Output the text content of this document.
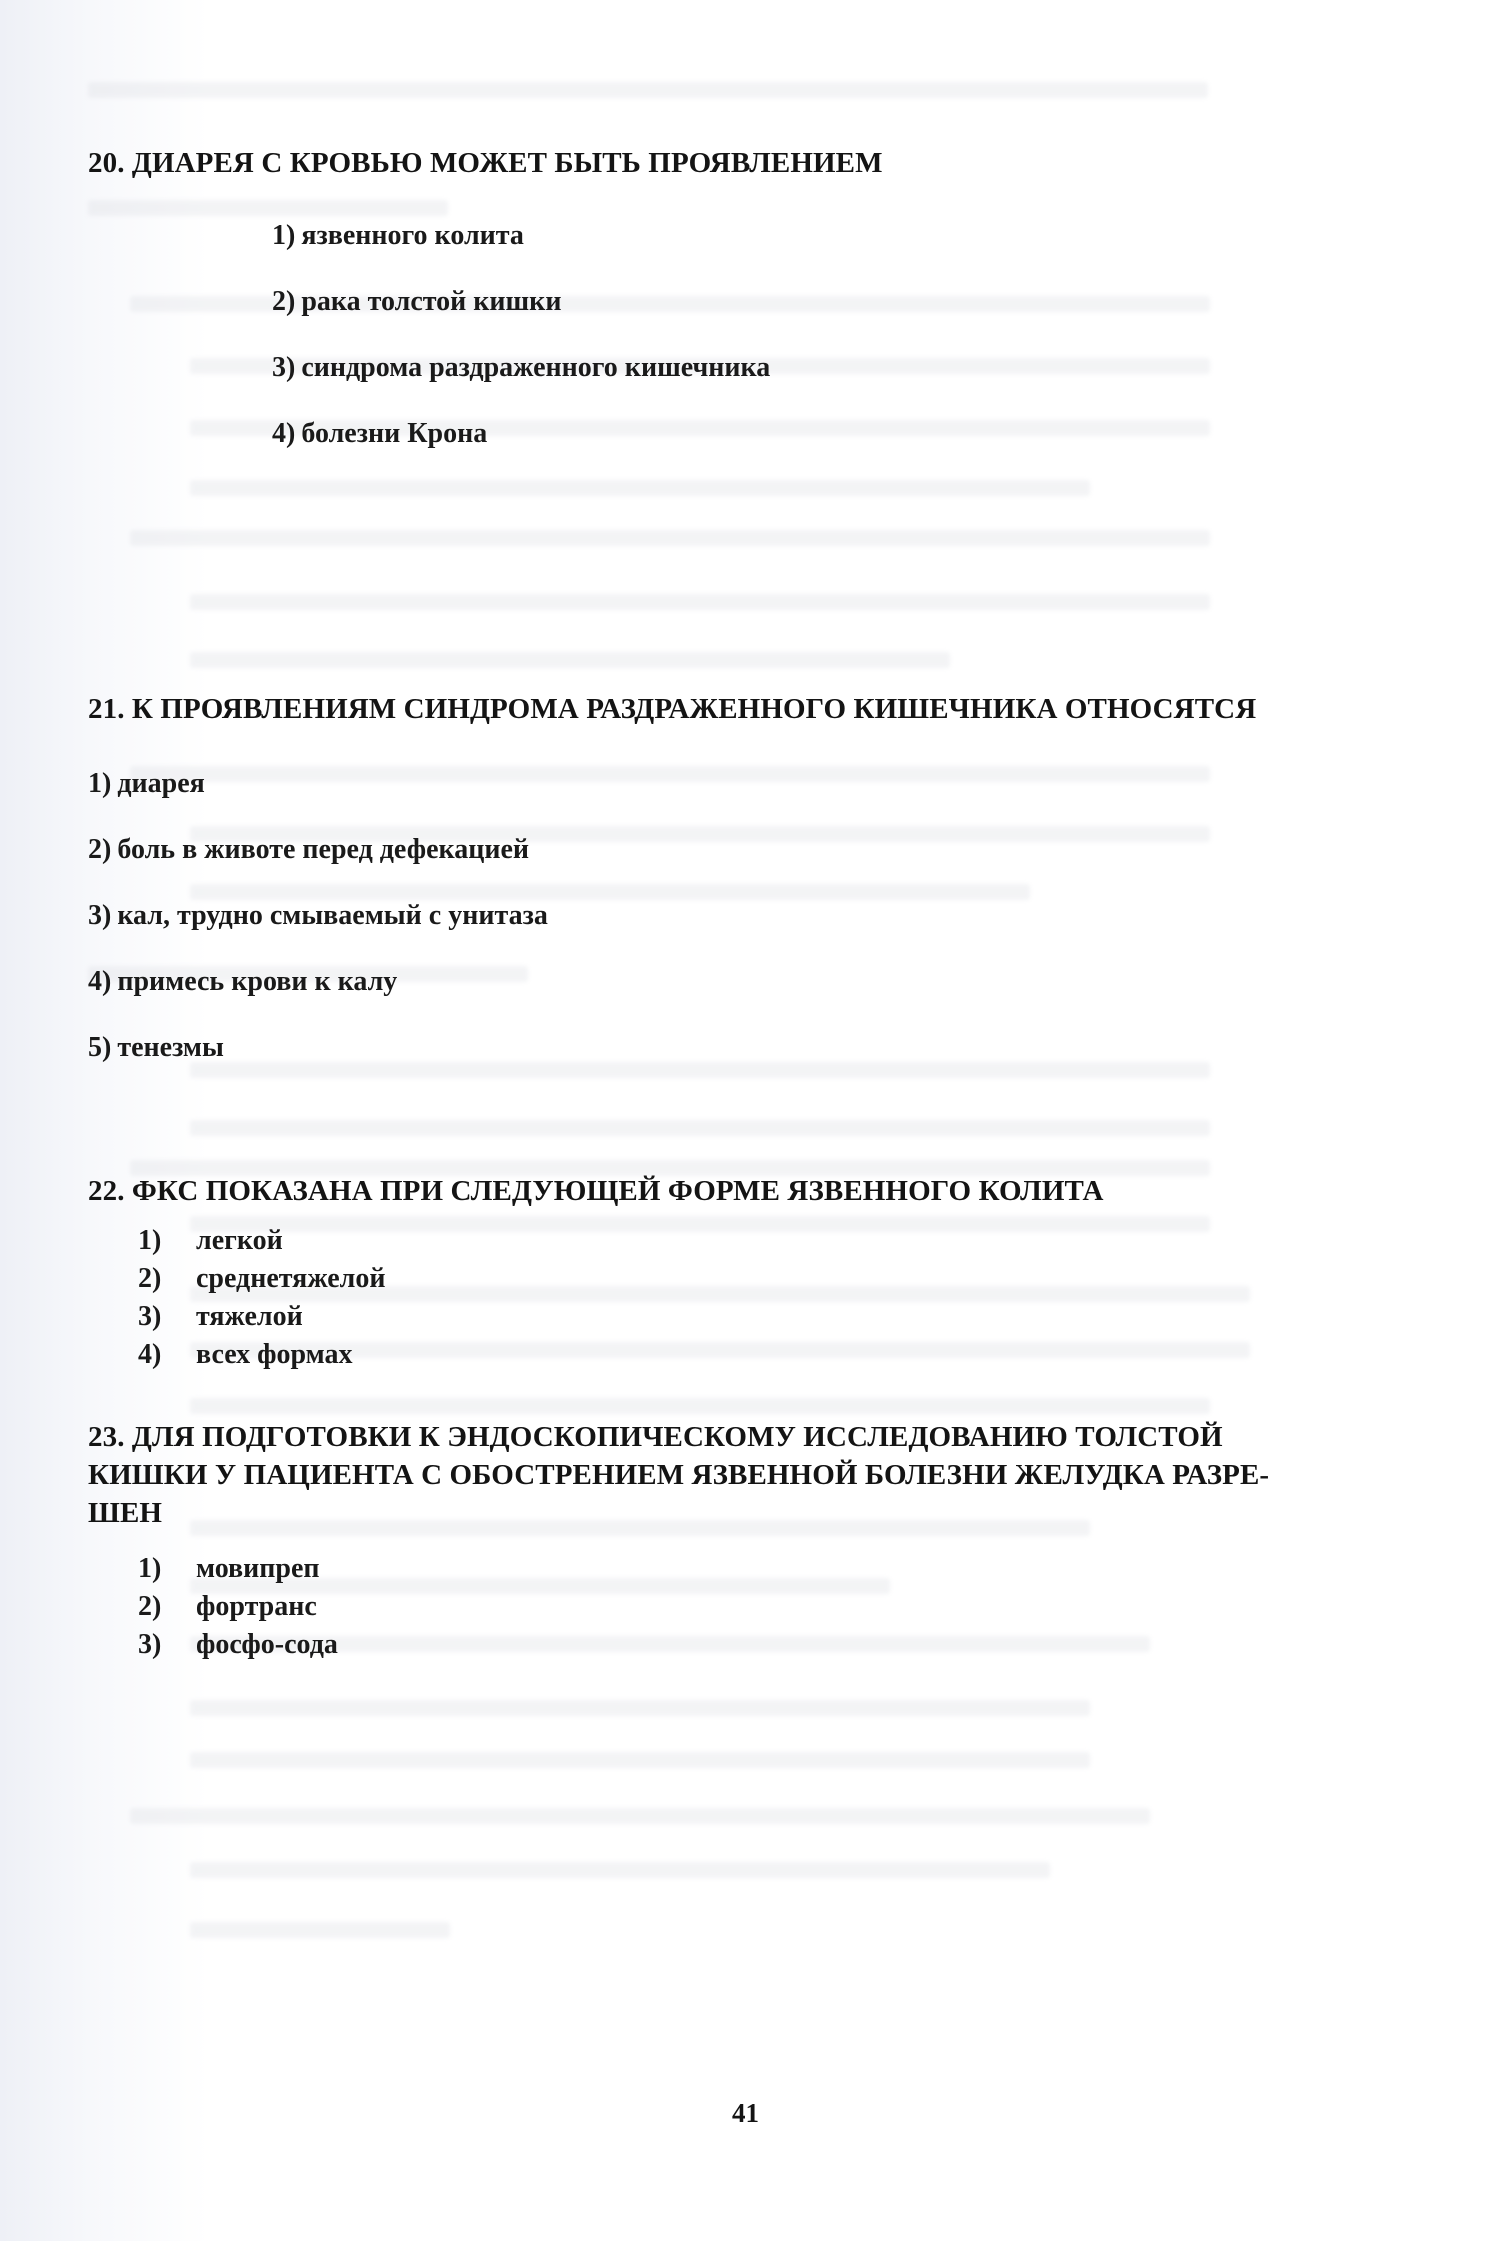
20. ДИАРЕЯ С КРОВЬЮ МОЖЕТ БЫТЬ ПРОЯВЛЕНИЕМ
1) язвенного колита
2) рака толстой кишки
3) синдрома раздраженного кишечника
4) болезни Крона
21. К ПРОЯВЛЕНИЯМ СИНДРОМА РАЗДРАЖЕННОГО КИШЕЧНИКА ОТНОСЯТСЯ
1) диарея
2) боль в животе перед дефекацией
3) кал, трудно смываемый с унитаза
4) примесь крови к калу
5) тенезмы
22. ФКС ПОКАЗАНА ПРИ СЛЕДУЮЩЕЙ ФОРМЕ ЯЗВЕННОГО КОЛИТА
1) легкой
2) среднетяжелой
3) тяжелой
4) всех формах
23. ДЛЯ ПОДГОТОВКИ К ЭНДОСКОПИЧЕСКОМУ ИССЛЕДОВАНИЮ ТОЛСТОЙ
КИШКИ У ПАЦИЕНТА С ОБОСТРЕНИЕМ ЯЗВЕННОЙ БОЛЕЗНИ ЖЕЛУДКА РАЗРЕ-
ШЕН
1) мовипреп
2) фортранс
3) фосфо-сода
41
